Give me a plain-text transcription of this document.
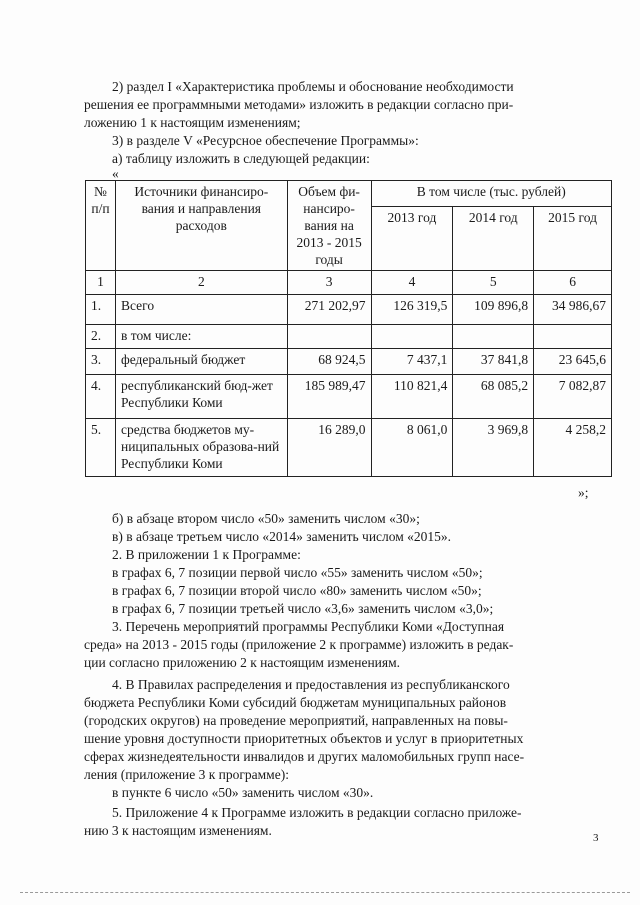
2) раздел I «Характеристика проблемы и обоснование необходимости
решения ее программными методами» изложить в редакции согласно при-
ложению 1 к настоящим изменениям;
3) в разделе V «Ресурсное обеспечение Программы»:
а) таблицу изложить в следующей редакции:
«
№ п/п	Источники финансиро-вания и направления расходов	Объем фи-нансиро-вания на 2013 - 2015 годы	В том числе (тыс. рублей)		
			2013 год	2014 год	2015 год
1	2	3	4	5	6
1.	Всего	271 202,97	126 319,5	109 896,8	34 986,67
2.	в том числе:				
3.	федеральный бюджет	68 924,5	7 437,1	37 841,8	23 645,6
4.	республиканский бюд-жет Республики Коми	185 989,47	110 821,4	68 085,2	7 082,87
5.	средства бюджетов му-ниципальных образова-ний Республики Коми	16 289,0	8 061,0	3 969,8	4 258,2
»;
б) в абзаце втором число «50» заменить числом «30»;
в) в абзаце третьем число «2014» заменить числом «2015».
2. В приложении 1 к Программе:
в графах 6, 7 позиции первой число «55» заменить числом «50»;
в графах 6, 7 позиции второй число «80» заменить числом «50»;
в графах 6, 7 позиции третьей число «3,6» заменить числом «3,0»;
3. Перечень мероприятий программы Республики Коми «Доступная
среда» на 2013 - 2015 годы (приложение 2 к программе) изложить в редак-
ции согласно приложению 2 к настоящим изменениям.
4. В Правилах распределения и предоставления из республиканского
бюджета Республики Коми субсидий бюджетам муниципальных районов
(городских округов) на проведение мероприятий, направленных на повы-
шение уровня доступности приоритетных объектов и услуг в приоритетных
сферах жизнедеятельности инвалидов и других маломобильных групп насе-
ления (приложение 3 к программе):
в пункте 6 число «50» заменить числом «30».
5. Приложение 4 к Программе изложить в редакции согласно приложе-
нию 3 к настоящим изменениям.	3
